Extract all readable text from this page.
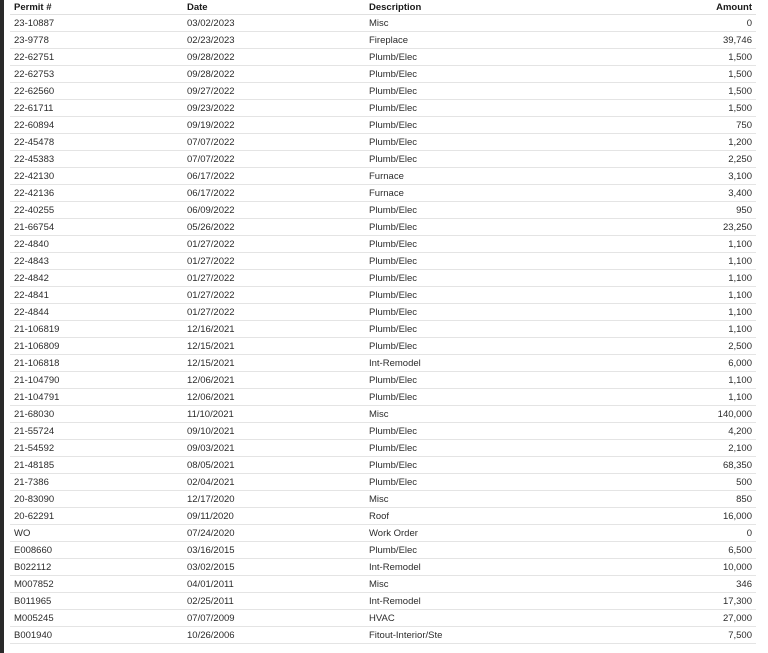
Permit #	Date	Description	Amount
23-10887	03/02/2023	Misc	0
23-9778	02/23/2023	Fireplace	39,746
22-62751	09/28/2022	Plumb/Elec	1,500
22-62753	09/28/2022	Plumb/Elec	1,500
22-62560	09/27/2022	Plumb/Elec	1,500
22-61711	09/23/2022	Plumb/Elec	1,500
22-60894	09/19/2022	Plumb/Elec	750
22-45478	07/07/2022	Plumb/Elec	1,200
22-45383	07/07/2022	Plumb/Elec	2,250
22-42130	06/17/2022	Furnace	3,100
22-42136	06/17/2022	Furnace	3,400
22-40255	06/09/2022	Plumb/Elec	950
21-66754	05/26/2022	Plumb/Elec	23,250
22-4840	01/27/2022	Plumb/Elec	1,100
22-4843	01/27/2022	Plumb/Elec	1,100
22-4842	01/27/2022	Plumb/Elec	1,100
22-4841	01/27/2022	Plumb/Elec	1,100
22-4844	01/27/2022	Plumb/Elec	1,100
21-106819	12/16/2021	Plumb/Elec	1,100
21-106809	12/15/2021	Plumb/Elec	2,500
21-106818	12/15/2021	Int-Remodel	6,000
21-104790	12/06/2021	Plumb/Elec	1,100
21-104791	12/06/2021	Plumb/Elec	1,100
21-68030	11/10/2021	Misc	140,000
21-55724	09/10/2021	Plumb/Elec	4,200
21-54592	09/03/2021	Plumb/Elec	2,100
21-48185	08/05/2021	Plumb/Elec	68,350
21-7386	02/04/2021	Plumb/Elec	500
20-83090	12/17/2020	Misc	850
20-62291	09/11/2020	Roof	16,000
WO	07/24/2020	Work Order	0
E008660	03/16/2015	Plumb/Elec	6,500
B022112	03/02/2015	Int-Remodel	10,000
M007852	04/01/2011	Misc	346
B011965	02/25/2011	Int-Remodel	17,300
M005245	07/07/2009	HVAC	27,000
B001940	10/26/2006	Fitout-Interior/Ste	7,500
